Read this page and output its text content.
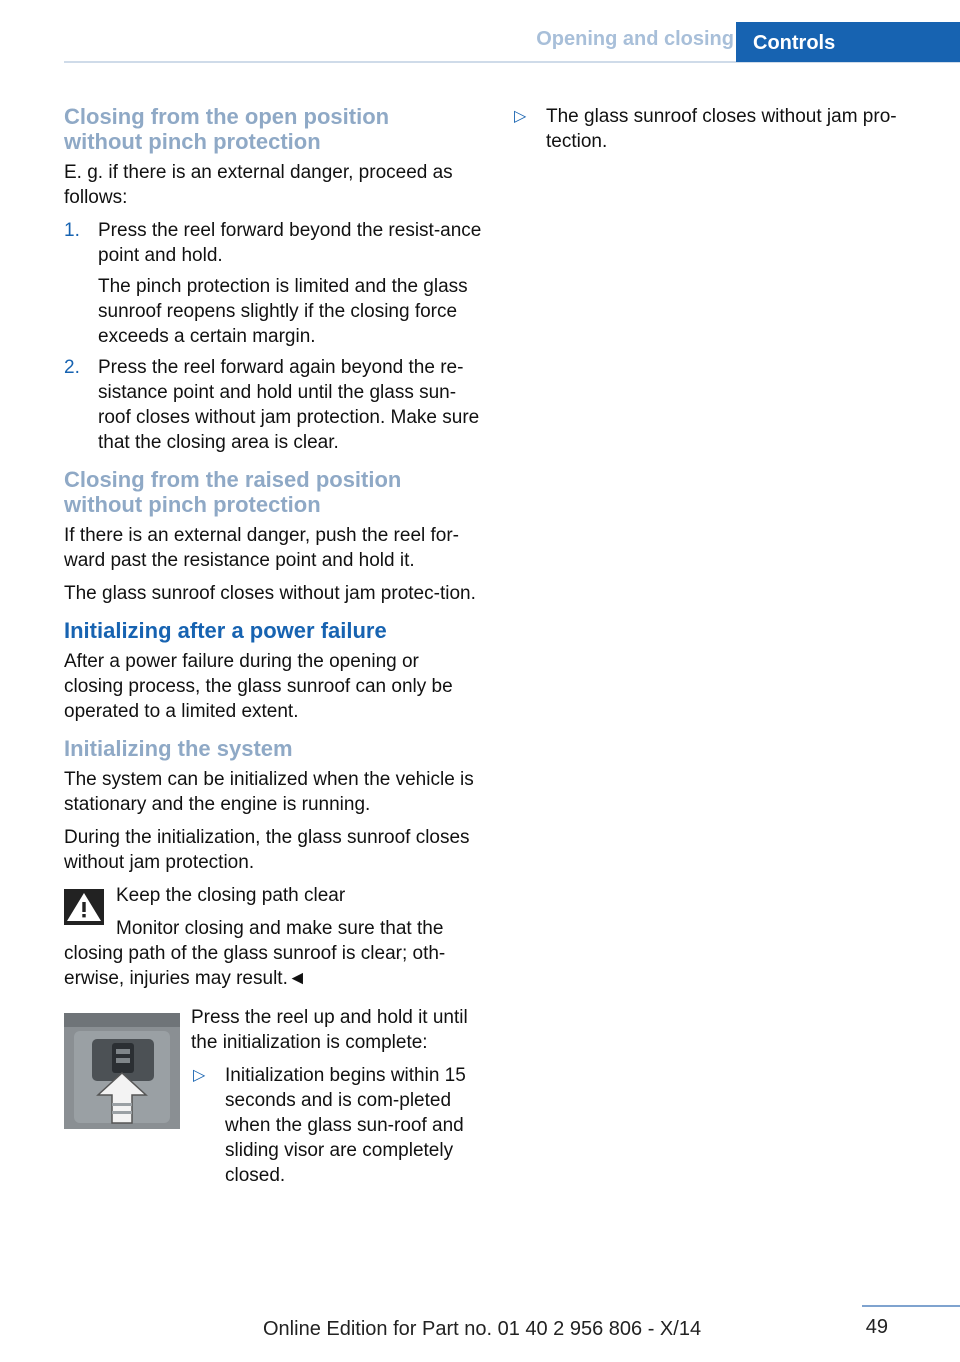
Opening and closing Controls
Closing from the open position
without pinch protection

E. g. if there is an external danger, proceed as follows:

1. Press the reel forward beyond the resist‐ance point and hold.

The pinch protection is limited and the glass sunroof reopens slightly if the closing force exceeds a certain margin.

2. Press the reel forward again beyond the re‐sistance point and hold until the glass sun‐roof closes without jam protection. Make sure that the closing area is clear.

Closing from the raised position
without pinch protection

If there is an external danger, push the reel for‐ward past the resistance point and hold it.

The glass sunroof closes without jam protec‐tion.

Initializing after a power failure

After a power failure during the opening or closing process, the glass sunroof can only be operated to a limited extent.

Initializing the system

The system can be initialized when the vehicle is stationary and the engine is running.

During the initialization, the glass sunroof closes without jam protection.

Keep the closing path clear

Monitor closing and make sure that the closing path of the glass sunroof is clear; oth‐erwise, injuries may result.◄

Press the reel up and hold it until the initialization is complete:

▷ Initialization begins within 15 seconds and is com‐pleted when the glass sun‐roof and sliding visor are completely closed.
▷ The glass sunroof closes without jam pro‐tection.
49
Online Edition for Part no. 01 40 2 956 806 - X/14
